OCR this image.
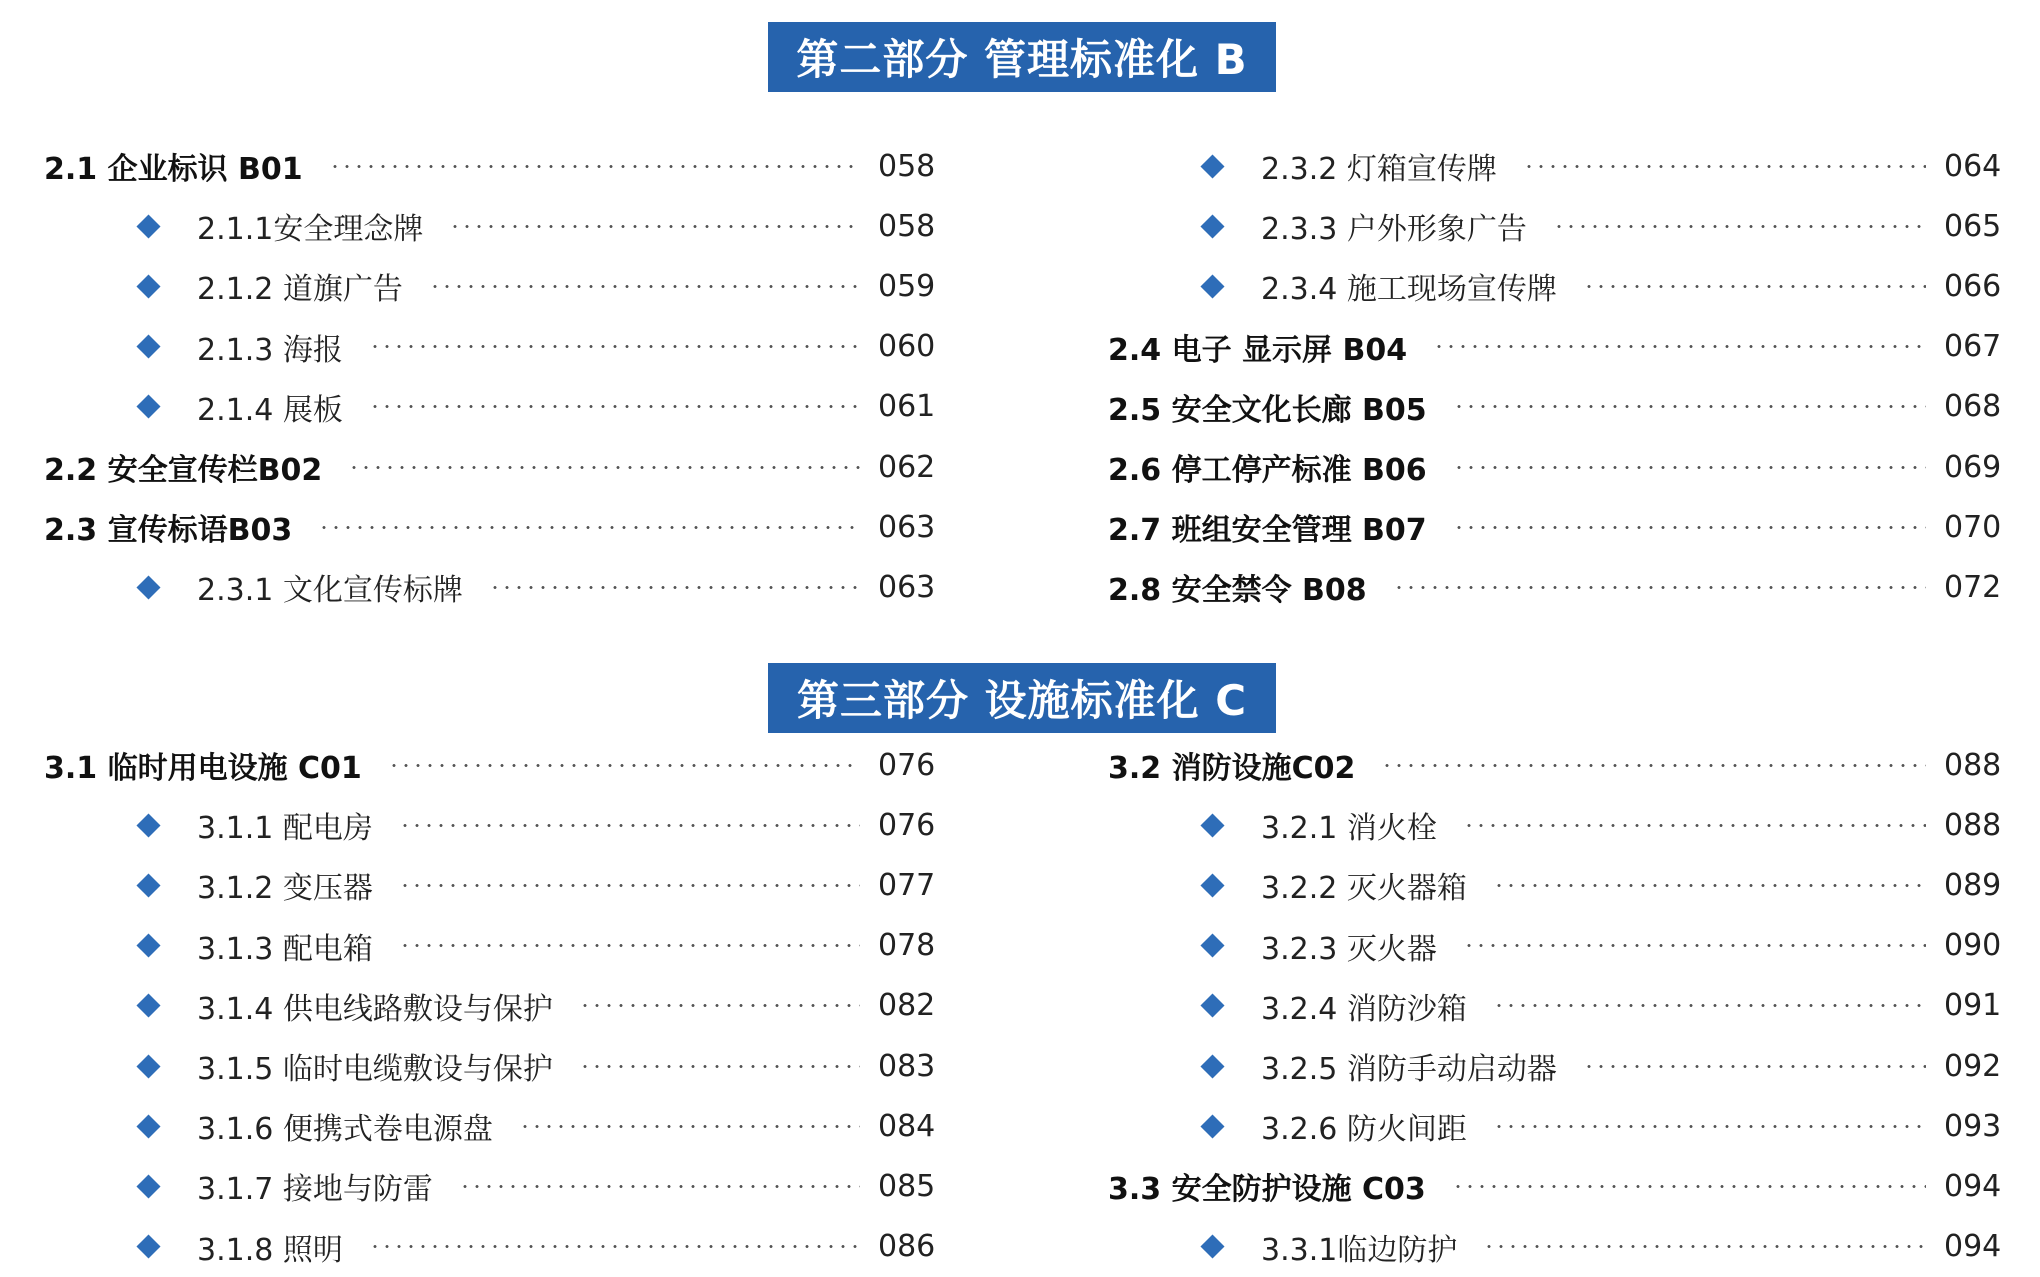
第二部分 管理标准化 B
2.1 企业标识 B01	058
2.1.1安全理念牌	058
2.1.2 道旗广告	059
2.1.3 海报	060
2.1.4 展板	061
2.2 安全宣传栏B02	062
2.3 宣传标语B03	063
2.3.1 文化宣传标牌	063
2.3.2 灯箱宣传牌	064
2.3.3 户外形象广告	065
2.3.4 施工现场宣传牌	066
2.4 电子 显示屏 B04	067
2.5 安全文化长廊 B05	068
2.6 停工停产标准 B06	069
2.7 班组安全管理 B07	070
2.8 安全禁令 B08	072
第三部分 设施标准化 C
3.1 临时用电设施 C01	076
3.1.1 配电房	076
3.1.2 变压器	077
3.1.3 配电箱	078
3.1.4 供电线路敷设与保护	082
3.1.5 临时电缆敷设与保护	083
3.1.6 便携式卷电源盘	084
3.1.7 接地与防雷	085
3.1.8 照明	086
3.2 消防设施C02	088
3.2.1 消火栓	088
3.2.2 灭火器箱	089
3.2.3 灭火器	090
3.2.4 消防沙箱	091
3.2.5 消防手动启动器	092
3.2.6 防火间距	093
3.3 安全防护设施 C03	094
3.3.1临边防护	094
